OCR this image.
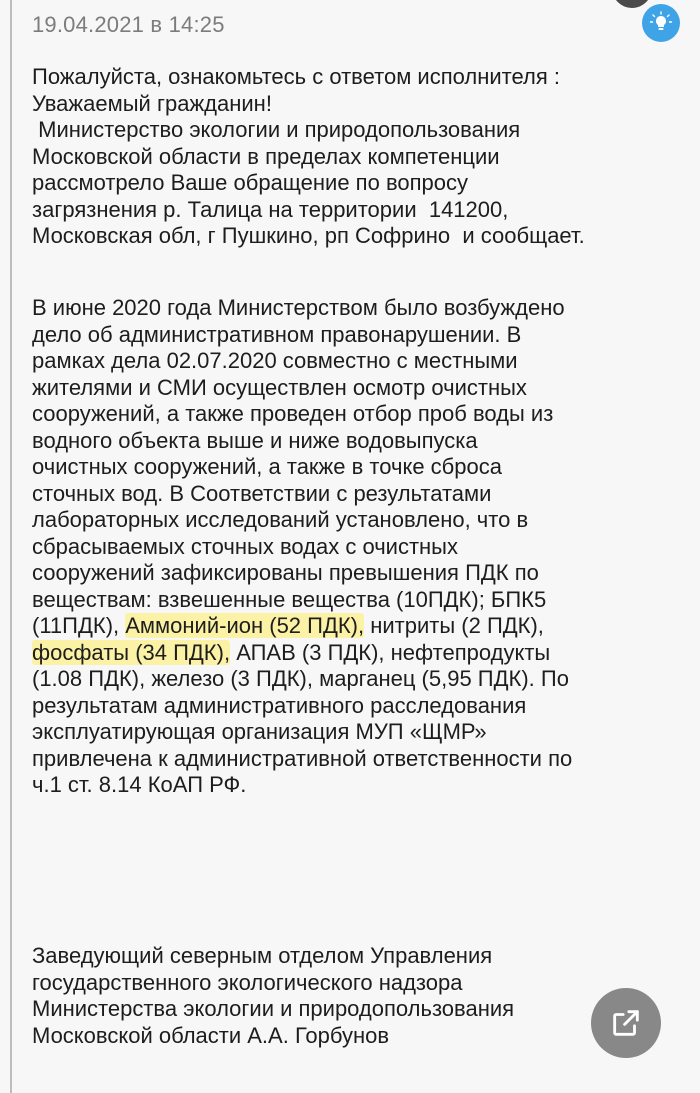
19.04.2021 в 14:25
Пожалуйста, ознакомьтесь с ответом исполнителя :
Уважаемый гражданин!
Министерство экологии и природопользования
Московской области в пределах компетенции
рассмотрело Ваше обращение по вопросу
загрязнения р. Талица на территории  141200,
Московская обл, г Пушкино, рп Софрино  и сообщает.
В июне 2020 года Министерством было возбуждено
дело об административном правонарушении. В
рамках дела 02.07.2020 совместно с местными
жителями и СМИ осуществлен осмотр очистных
сооружений, а также проведен отбор проб воды из
водного объекта выше и ниже водовыпуска
очистных сооружений, а также в точке сброса
сточных вод. В Соответствии с результатами
лабораторных исследований установлено, что в
сбрасываемых сточных водах с очистных
сооружений зафиксированы превышения ПДК по
веществам: взвешенные вещества (10ПДК); БПК5
(11ПДК), Аммоний-ион (52 ПДК), нитриты (2 ПДК),
фосфаты (34 ПДК), АПАВ (3 ПДК), нефтепродукты
(1.08 ПДК), железо (3 ПДК), марганец (5,95 ПДК). По
результатам административного расследования
эксплуатирующая организация МУП «ЩМР»
привлечена к административной ответственности по
ч.1 ст. 8.14 КоАП РФ.
Заведующий северным отделом Управления
государственного экологического надзора
Министерства экологии и природопользования
Московской области А.А. Горбунов
